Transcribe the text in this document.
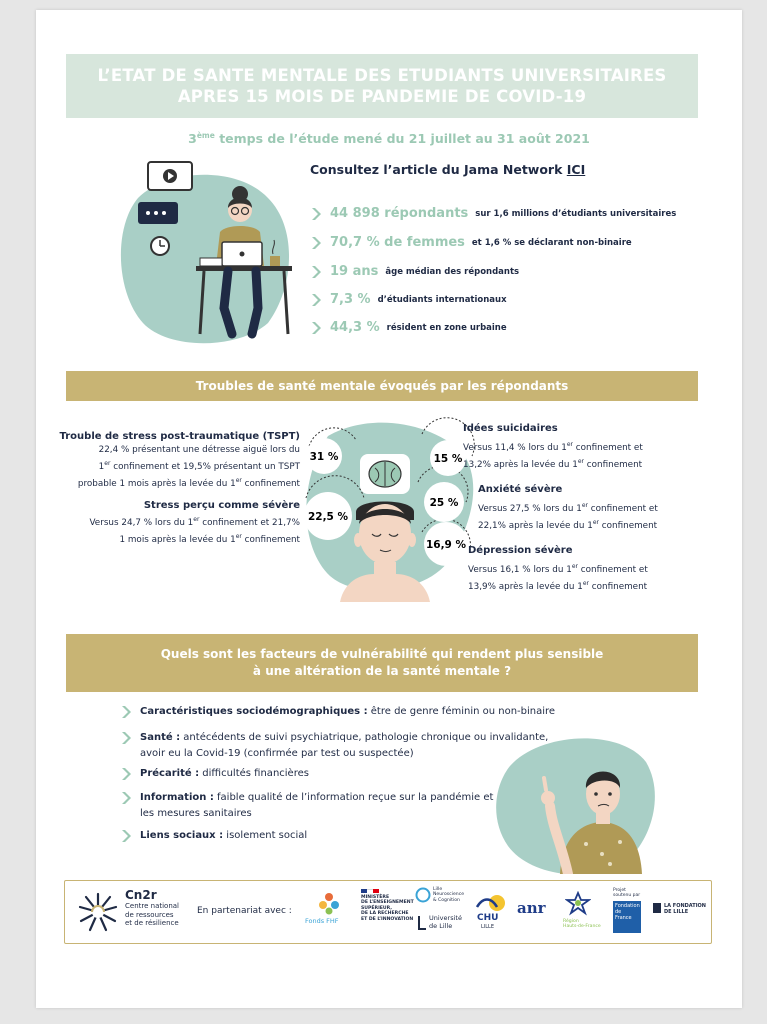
L’ETAT DE SANTE MENTALE DES ETUDIANTS UNIVERSITAIRES
APRES 15 MOIS DE PANDEMIE DE COVID-19
3ème temps de l’étude mené du 21 juillet au 31 août 2021
Consultez l’article du Jama Network ICI
44 898 répondants sur 1,6 millions d’étudiants universitaires
70,7 % de femmes et 1,6 % se déclarant non-binaire
19 ans âge médian des répondants
7,3 % d’étudiants internationaux
44,3 % résident en zone urbaine
Troubles de santé mentale évoqués par les répondants
31 %	15 %
22,5 %
25 %
16,9 %
Trouble de stress post-traumatique (TSPT)
22,4 % présentant une détresse aiguë lors du
1er confinement et 19,5% présentant un TSPT
probable 1 mois après la levée du 1er confinement
Stress perçu comme sévère
Versus 24,7 % lors du 1er confinement et 21,7%
1 mois après la levée du 1er confinement
Idées suicidaires
Versus 11,4 % lors du 1er confinement et
13,2% après la levée du 1er confinement
Anxiété sévère
Versus 27,5 % lors du 1er confinement et
22,1% après la levée du 1er confinement
Dépression sévère
Versus 16,1 % lors du 1er confinement et
13,9% après la levée du 1er confinement
Quels sont les facteurs de vulnérabilité qui rendent plus sensible
à une altération de la santé mentale ?
Caractéristiques sociodémographiques : être de genre féminin ou non-binaire
Santé : antécédents de suivi psychiatrique, pathologie chronique ou invalidante,
avoir eu la Covid-19 (confirmée par test ou suspectée)
Précarité : difficultés financières
Information : faible qualité de l’information reçue sur la pandémie et
les mesures sanitaires
Liens sociaux : isolement social
Cn2r
Centre national
de ressources
et de résilience
En partenariat avec :
Fonds FHF
MINISTÈRE
DE L’ENSEIGNEMENT
SUPÉRIEUR,
DE LA RECHERCHE
ET DE L’INNOVATION
Lille
Neuroscience
& Cognition
Université
de Lille
CHU
LILLE
anr
Région
Hauts-de-France
Projet
soutenu par
Fondation
de
France
LA FONDATION
DE LILLE
